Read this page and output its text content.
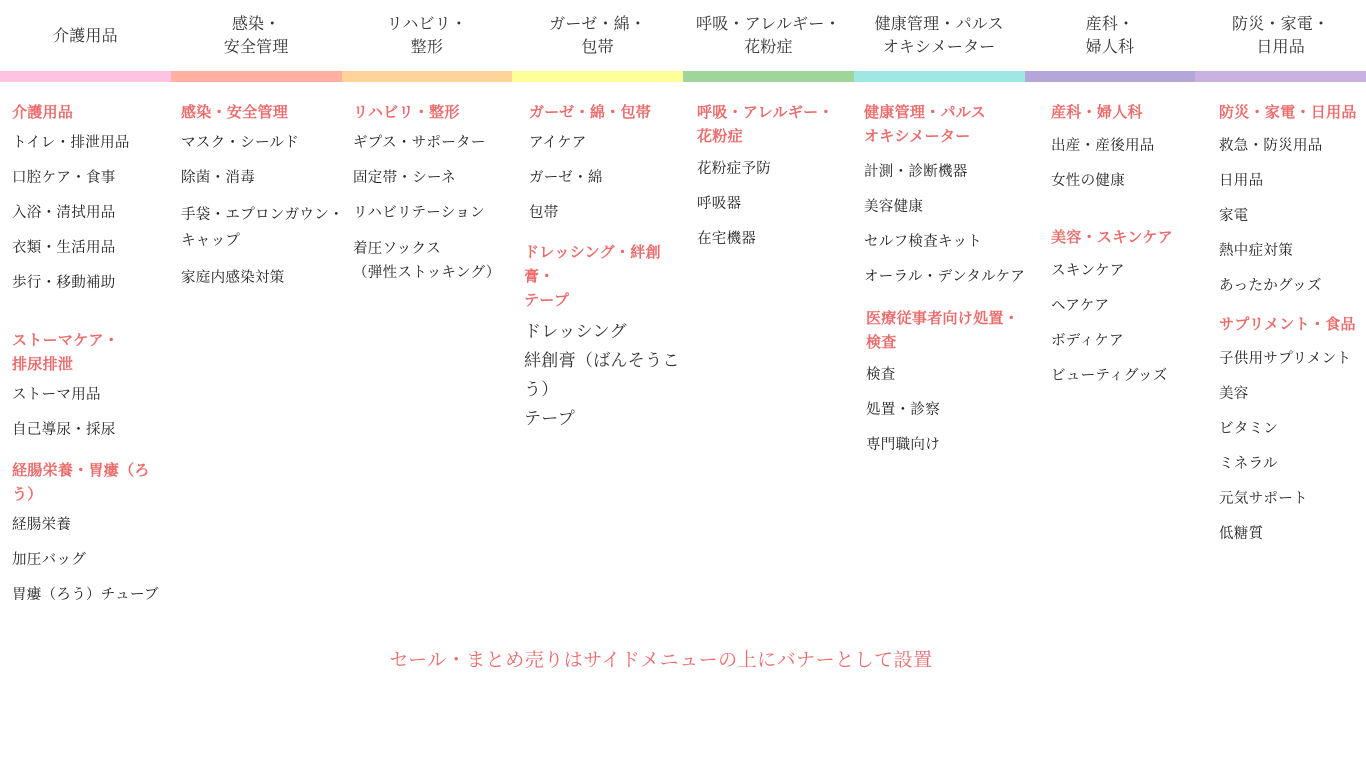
介護用品
感染・
安全管理
リハビリ・
整形
ガーゼ・綿・
包帯
呼吸・アレルギー・
花粉症
健康管理・パルス
オキシメーター
産科・
婦人科
防災・家電・
日用品
介護用品
トイレ・排泄用品
口腔ケア・食事
入浴・清拭用品
衣類・生活用品
歩行・移動補助
ストーマケア・
排尿排泄
ストーマ用品
自己導尿・採尿
経腸栄養・胃瘻（ろう）
経腸栄養
加圧バッグ
胃瘻（ろう）チューブ
感染・安全管理
マスク・シールド
除菌・消毒
手袋・エプロンガウン・
キャップ
家庭内感染対策
リハビリ・整形
ギプス・サポーター
固定帯・シーネ
リハビリテーション
着圧ソックス
（弾性ストッキング）
ガーゼ・綿・包帯
アイケア
ガーゼ・綿
包帯
ドレッシング・絆創膏・
テープ
ドレッシング
絆創膏（ばんそうこう）
テープ
呼吸・アレルギー・
花粉症
花粉症予防
呼吸器
在宅機器
健康管理・パルス
オキシメーター
計測・診断機器
美容健康
セルフ検査キット
オーラル・デンタルケア
医療従事者向け処置・
検査
検査
処置・診察
専門職向け
産科・婦人科
出産・産後用品
女性の健康
美容・スキンケア
スキンケア
ヘアケア
ボディケア
ビューティグッズ
防災・家電・日用品
救急・防災用品
日用品
家電
熱中症対策
あったかグッズ
サプリメント・食品
子供用サプリメント
美容
ビタミン
ミネラル
元気サポート
低糖質
セール・まとめ売りはサイドメニューの上にバナーとして設置
